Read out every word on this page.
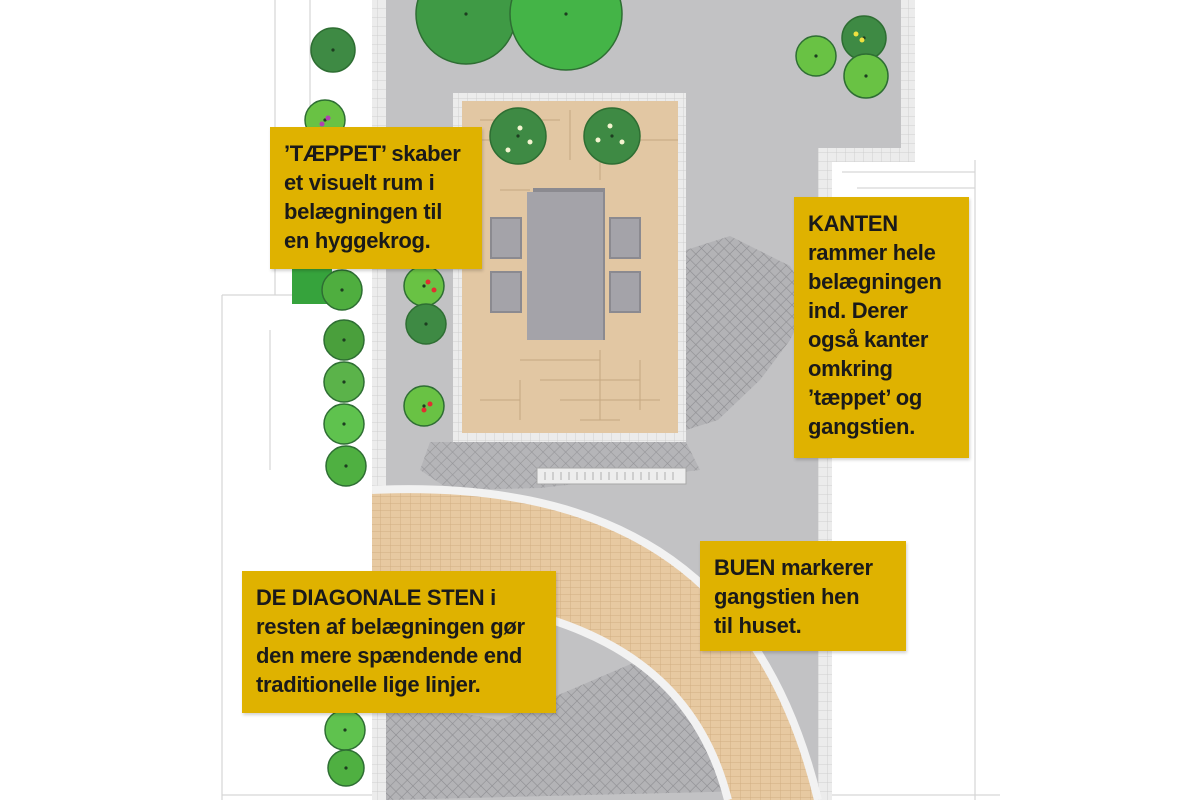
’TÆPPET’ skaber
et visuelt rum i
belægningen til
en hyggekrog.
KANTEN
rammer hele
belægningen
ind. Derer
også kanter
omkring
’tæppet’ og
gangstien.
BUEN markerer
gangstien hen
til huset.
DE DIAGONALE STEN i
resten af belægningen gør
den mere spændende end
traditionelle lige linjer.
